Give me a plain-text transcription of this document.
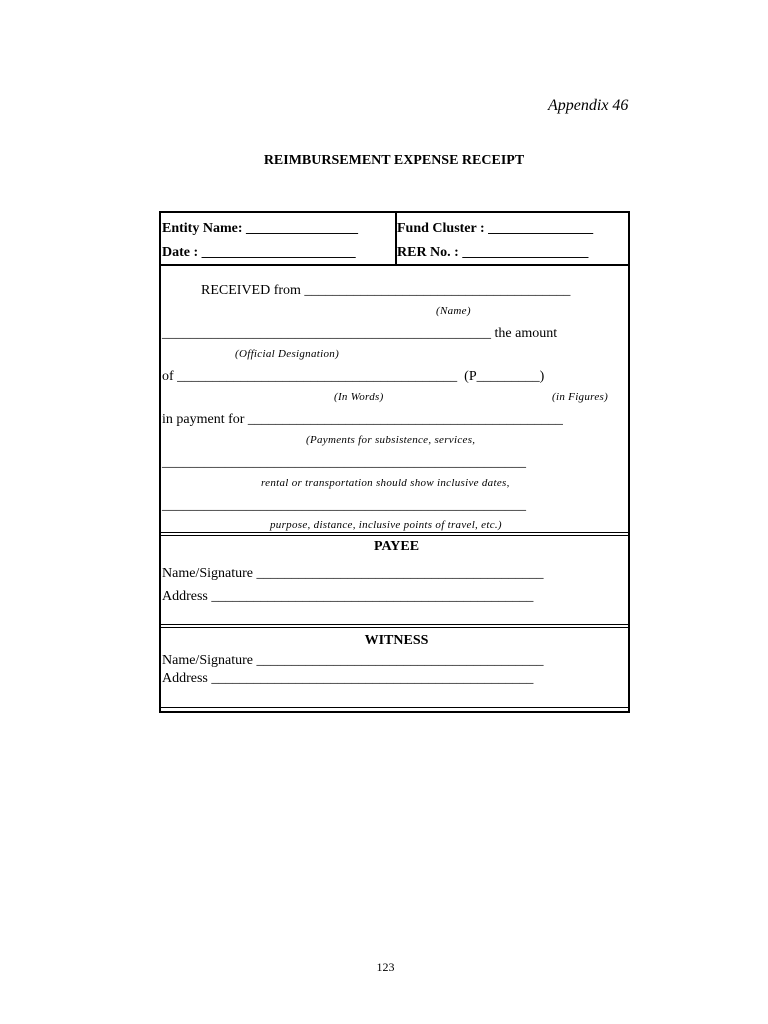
Appendix 46
REIMBURSEMENT EXPENSE RECEIPT
Entity Name: ________________
Date : ______________________
Fund Cluster : _______________
RER No. : __________________
RECEIVED from ______________________________________
(Name)
_______________________________________________ the amount
(Official Designation)
of ________________________________________  (P_________)
(In Words)	(in Figures)
in payment for _____________________________________________
(Payments for subsistence, services,
____________________________________________________
rental or transportation should show inclusive dates,
____________________________________________________
purpose, distance, inclusive points of travel, etc.)
PAYEE
Name/Signature _________________________________________
Address ______________________________________________
WITNESS
Name/Signature _________________________________________
Address ______________________________________________
123
